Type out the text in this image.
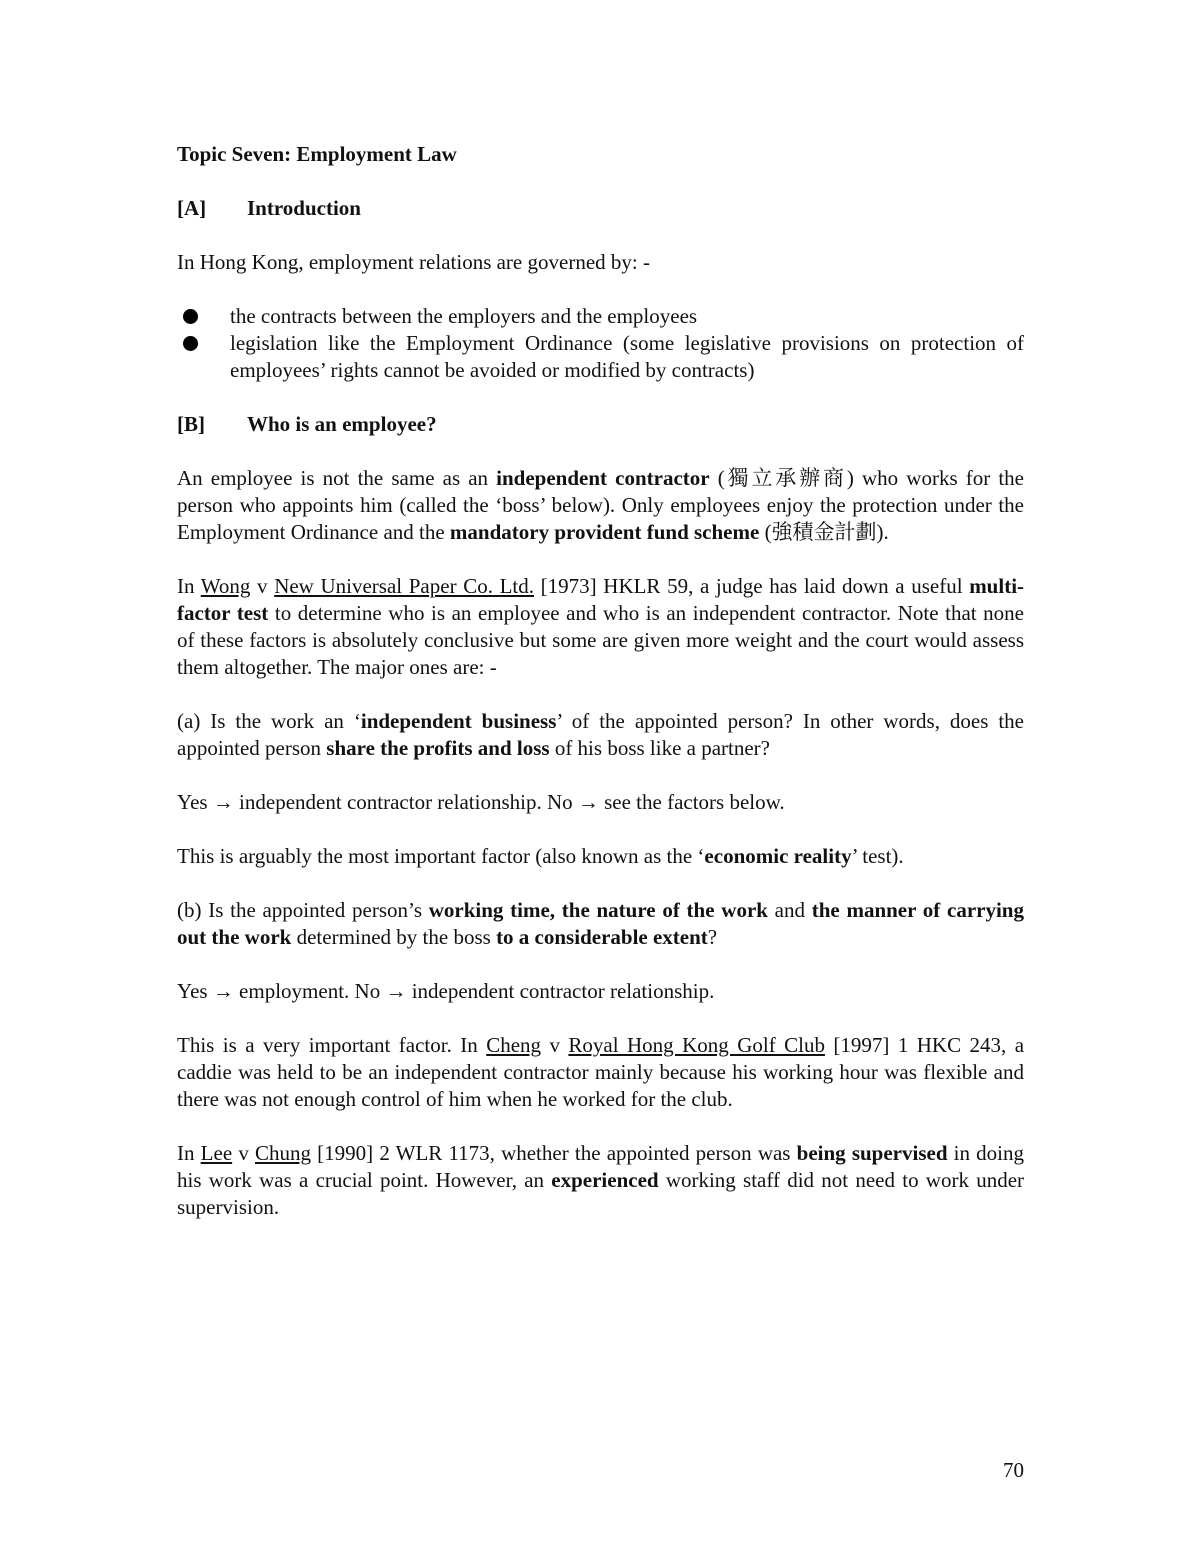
Topic Seven: Employment Law

[A]	Introduction

In Hong Kong, employment relations are governed by: -

the contracts between the employers and the employees
legislation like the Employment Ordinance (some legislative provisions on protection of employees’ rights cannot be avoided or modified by contracts)

[B]	Who is an employee?

An employee is not the same as an independent contractor (獨立承辦商) who works for the person who appoints him (called the ‘boss’ below). Only employees enjoy the protection under the Employment Ordinance and the mandatory provident fund scheme (強積金計劃).

In Wong v New Universal Paper Co. Ltd. [1973] HKLR 59, a judge has laid down a useful multi-factor test to determine who is an employee and who is an independent contractor. Note that none of these factors is absolutely conclusive but some are given more weight and the court would assess them altogether. The major ones are: -

(a) Is the work an ‘independent business’ of the appointed person? In other words, does the appointed person share the profits and loss of his boss like a partner?

Yes → independent contractor relationship. No → see the factors below.

This is arguably the most important factor (also known as the ‘economic reality’ test).

(b) Is the appointed person’s working time, the nature of the work and the manner of carrying out the work determined by the boss to a considerable extent?

Yes → employment. No → independent contractor relationship.

This is a very important factor. In Cheng v Royal Hong Kong Golf Club [1997] 1 HKC 243, a caddie was held to be an independent contractor mainly because his working hour was flexible and there was not enough control of him when he worked for the club.

In Lee v Chung [1990] 2 WLR 1173, whether the appointed person was being supervised in doing his work was a crucial point. However, an experienced working staff did not need to work under supervision.

70
